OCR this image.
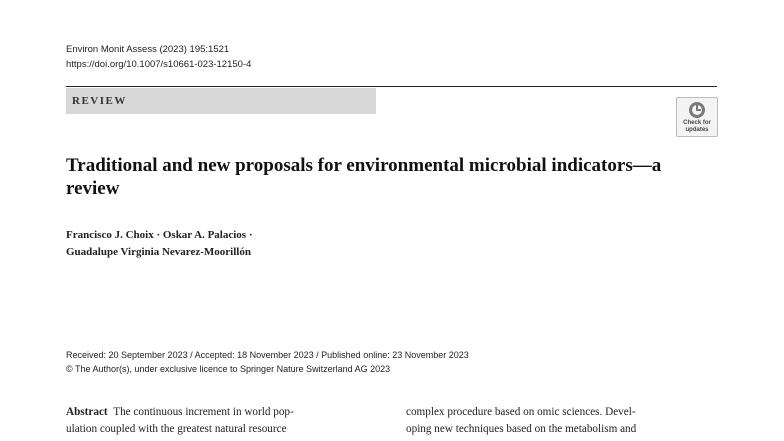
Environ Monit Assess (2023) 195:1521
https://doi.org/10.1007/s10661-023-12150-4
REVIEW
Check for
updates
Traditional and new proposals for environmental microbial indicators—a review
Francisco J. Choix · Oskar A. Palacios ·
Guadalupe Virginia Nevarez-Moorillón
Received: 20 September 2023 / Accepted: 18 November 2023 / Published online: 23 November 2023
© The Author(s), under exclusive licence to Springer Nature Switzerland AG 2023
Abstract The continuous increment in world pop-
ulation coupled with the greatest natural resource
complex procedure based on omic sciences. Devel-
oping new techniques based on the metabolism and
